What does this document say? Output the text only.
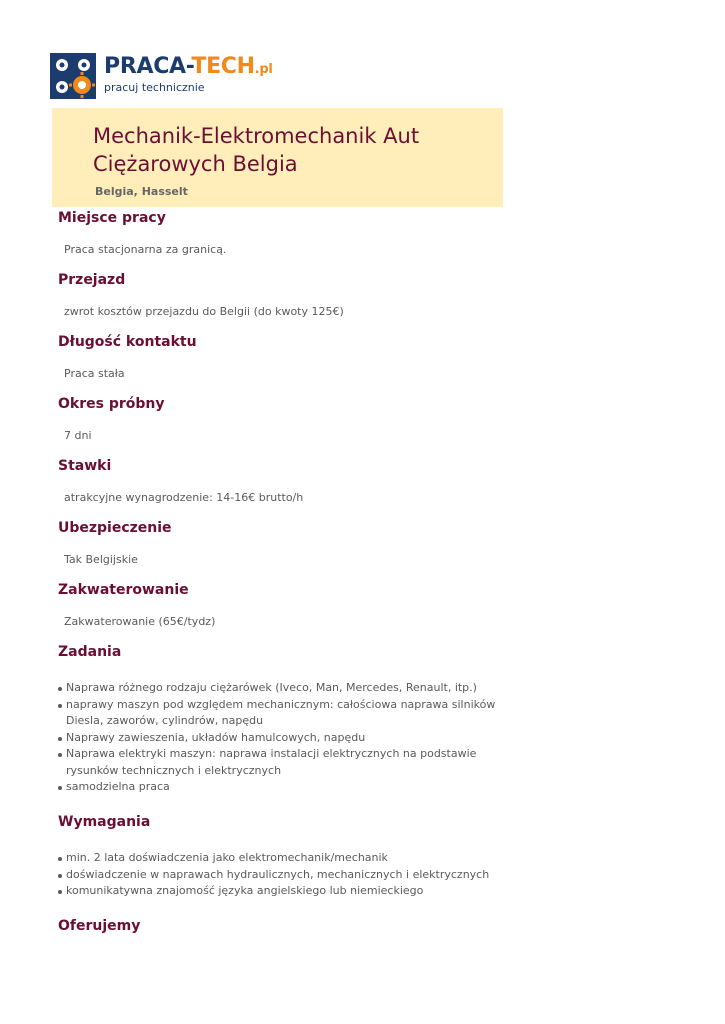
PRACA-TECH.pl
pracuj technicznie
Mechanik-Elektromechanik Aut Ciężarowych Belgia
Belgia, Hasselt
Miejsce pracy

Praca stacjonarna za granicą.

Przejazd

zwrot kosztów przejazdu do Belgii (do kwoty 125€)

Długość kontaktu

Praca stała

Okres próbny

7 dni

Stawki

atrakcyjne wynagrodzenie: 14-16€ brutto/h

Ubezpieczenie

Tak Belgijskie

Zakwaterowanie

Zakwaterowanie (65€/tydz)

Zadania
Naprawa różnego rodzaju ciężarówek (Iveco, Man, Mercedes, Renault, itp.)
naprawy maszyn pod względem mechanicznym: całościowa naprawa silników Diesla, zaworów, cylindrów, napędu
Naprawy zawieszenia, układów hamulcowych, napędu
Naprawa elektryki maszyn: naprawa instalacji elektrycznych na podstawie rysunków technicznych i elektrycznych
samodzielna praca
Wymagania
min. 2 lata doświadczenia jako elektromechanik/mechanik
doświadczenie w naprawach hydraulicznych, mechanicznych i elektrycznych
komunikatywna znajomość języka angielskiego lub niemieckiego
Oferujemy
